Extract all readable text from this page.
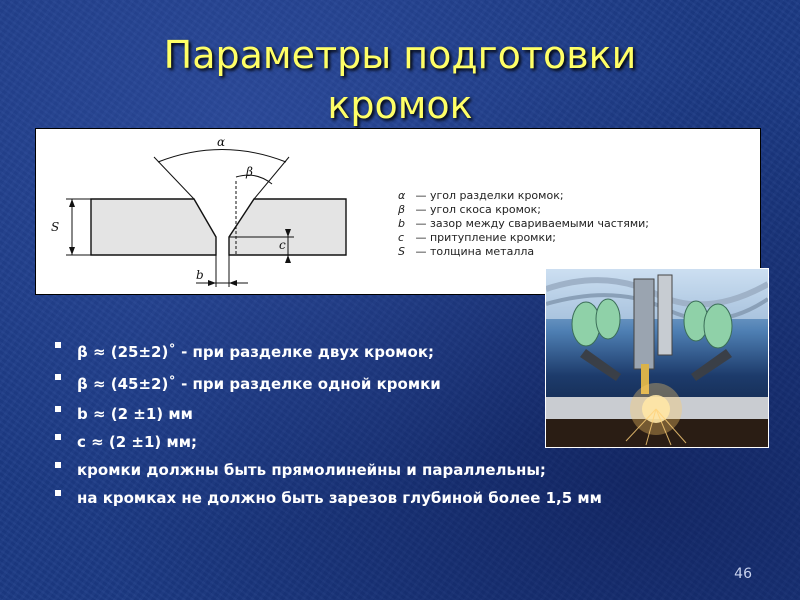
Параметры подготовки
кромок
α
β
S
b
c
α — угол разделки кромок;
β — угол скоса кромок;
b — зазор между свариваемыми частями;
c — притупление кромки;
S — толщина металла
β ≈ (25±2)˚ - при разделке двух кромок;
β ≈ (45±2)˚ - при разделке одной кромки
b ≈ (2 ±1) мм
c ≈ (2 ±1) мм;
кромки должны быть прямолинейны и параллельны;
на кромках не должно быть зарезов глубиной более 1,5 мм
46
